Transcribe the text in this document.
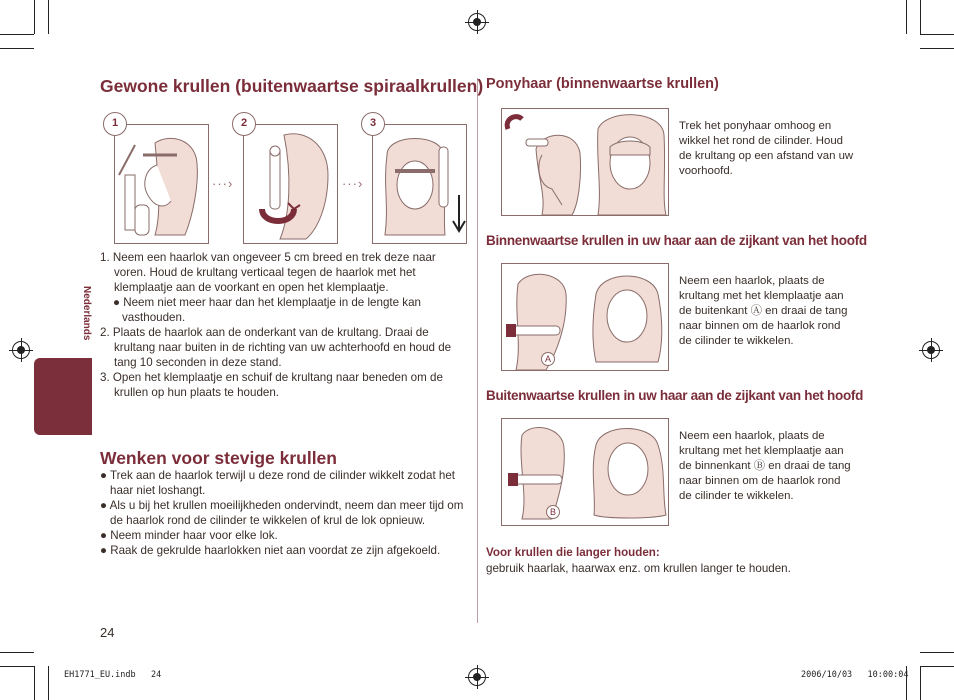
Nederlands
Gewone krullen (buitenwaartse spiraalkrullen)
1
···›
2
···›
3
1. Neem een haarlok van ongeveer 5 cm breed en trek deze naar voren. Houd de krultang verticaal tegen de haarlok met het klemplaatje aan de voorkant en open het klemplaatje.
● Neem niet meer haar dan het klemplaatje in de lengte kan vasthouden.
2. Plaats de haarlok aan de onderkant van de krultang. Draai de krultang naar buiten in de richting van uw achterhoofd en houd de tang 10 seconden in deze stand.
3. Open het klemplaatje en schuif de krultang naar beneden om de krullen op hun plaats te houden.
Wenken voor stevige krullen
● Trek aan de haarlok terwijl u deze rond de cilinder wikkelt zodat het haar niet loshangt.
● Als u bij het krullen moeilijkheden ondervindt, neem dan meer tijd om de haarlok rond de cilinder te wikkelen of krul de lok opnieuw.
● Neem minder haar voor elke lok.
● Raak de gekrulde haarlokken niet aan voordat ze zijn afgekoeld.
24
Ponyhaar (binnenwaartse krullen)
Trek het ponyhaar omhoog en wikkel het rond de cilinder. Houd de krultang op een afstand van uw voorhoofd.
Binnenwaartse krullen in uw haar aan de zijkant van het hoofd
Neem een haarlok, plaats de krultang met het klemplaatje aan de buitenkant Ⓐ en draai de tang naar binnen om de haarlok rond de cilinder te wikkelen.
A
Buitenwaartse krullen in uw haar aan de zijkant van het hoofd
Neem een haarlok, plaats de krultang met het klemplaatje aan de binnenkant Ⓑ en draai de tang naar binnen om de haarlok rond de cilinder te wikkelen.
B
Voor krullen die langer houden:
gebruik haarlak, haarwax enz. om krullen langer te houden.
EH1771_EU.indb   24	2006/10/03   10:00:04
